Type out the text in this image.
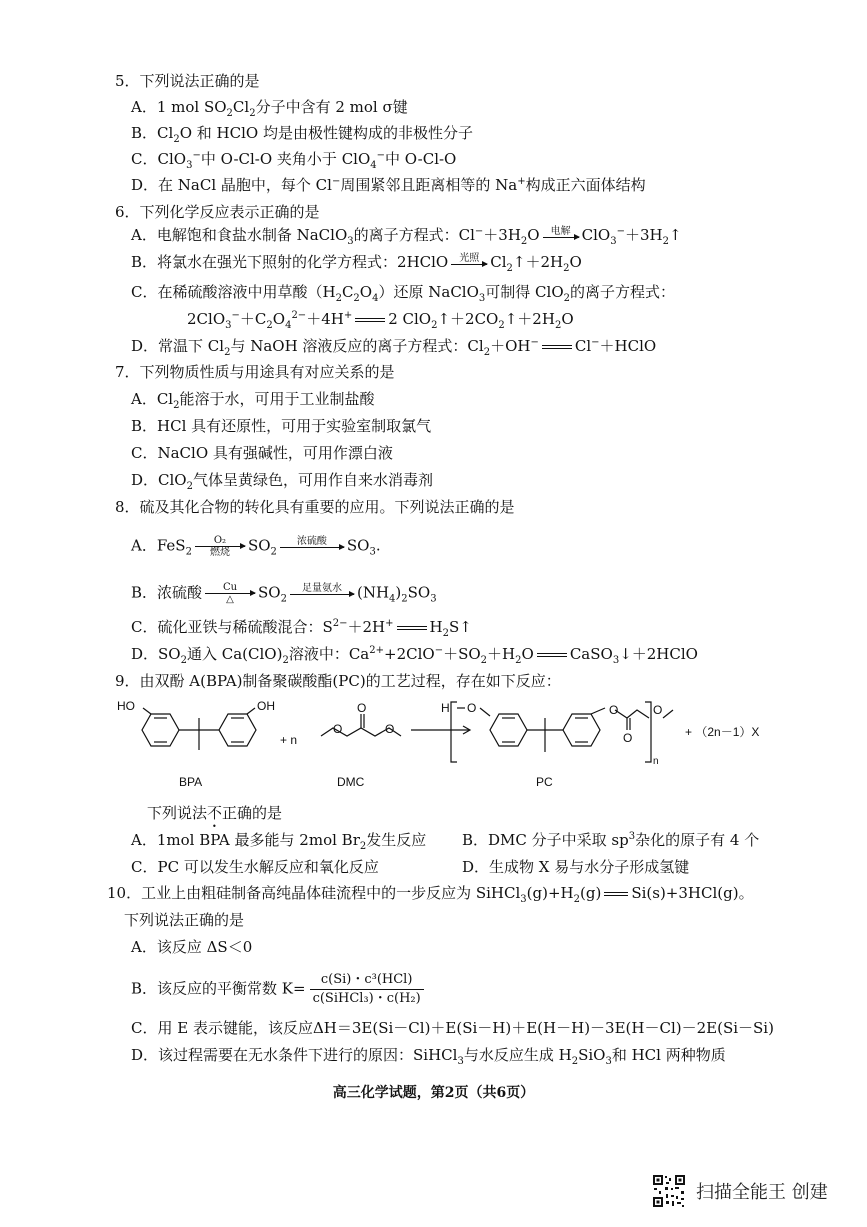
5．下列说法正确的是
A．1 mol $SO_2Cl_2$分子中含有 2 mol σ键
B．$Cl_2O$ 和 HClO 均是由极性键构成的非极性分子
C．ClO$_3$−中 O-Cl-O 夹角小于 ClO$_4$−中 O-Cl-O
D．在 NaCl 晶胞中，每个 Cl−周围紧邻且距离相等的 Na+构成正六面体结构
6．下列化学反应表示正确的是
A．电解饱和食盐水制备 NaClO$_3$的离子方程式：$Cl^-+3H_2O$	电解 $ClO_3^-+3H_2↑$
B．将氯水在强光下照射的化学方程式：2HClO	光照 $Cl_2↑+2H_2O$
C．在稀硫酸溶液中用草酸$(H_2C_2O_4)$还原 NaClO$_3$可制得 ClO$_2$的离子方程式：
$2ClO_3^-+C_2O_4^{2-}+4H^+$ 2 $ClO_2↑+2CO_2↑+2H_2O$
D．常温下 $Cl_2$与 NaOH 溶液反应的离子方程式：$Cl_2+OH^-$ Cl−＋HClO
7．下列物质性质与用途具有对应关系的是
A．$Cl_2$能溶于水，可用于工业制盐酸
B．HCl 具有还原性，可用于实验室制取氯气
C．NaClO 具有强碱性，可用作漂白液
D．ClO$_2$气体呈黄绿色，可用作自来水消毒剂
8．硫及其化合物的转化具有重要的应用。下列说法正确的是
A．FeS$_2$
O₂
燃烧	$SO_2$
浓硫酸	$SO_3$.
B．浓硫酸	Cu
△	$SO_2$
足量氨水	$(NH_4)_2SO_3$
C．硫化亚铁与稀硫酸混合：$S^{2-}+2H^+$ $H_2S↑$
D．$SO_2$通入 $Ca(ClO)_2$溶液中：$Ca^{2+}+2ClO^-+SO_2+H_2O$ CaSO$_3$↓＋2HClO
9．由双酚 A(BPA)制备聚碳酸酯(PC)的工艺过程，存在如下反应：
HO	OH
BPA
+ n
DMC
H
PC
n
+ （2n－1）X
O	O	O
O
O
O
O
下列说法不正确的是
A．1mol BPA 最多能与 2mol $Br_2$发生反应 B．DMC 分子中采取 $sp^3$杂化的原子有 4 个
C．PC 可以发生水解反应和氧化反应	D．生成物 X 易与水分子形成氢键
10．工业上由粗硅制备高纯晶体硅流程中的一步反应为 $SiHCl_3(g)+H_2(g)$ Si(s)+3HCl(g)。
下列说法正确的是
A．该反应 ΔS＜0
B．该反应的平衡常数 $K= \frac{\text{c(Si)・c³(HCl)}}{\text{c(SiHCl₃)・c(H₂)}}$
C．用 E 表示键能，该反应ΔH＝3E(Si－Cl)＋E(Si－H)＋E(H－H)－3E(H－Cl)－2E(Si－Si)
D．该过程需要在无水条件下进行的原因：SiHCl$_3$与水反应生成 $H_2SiO_3$和 HCl 两种物质
高三化学试题，第2页（共6页）
扫描全能王 创建
